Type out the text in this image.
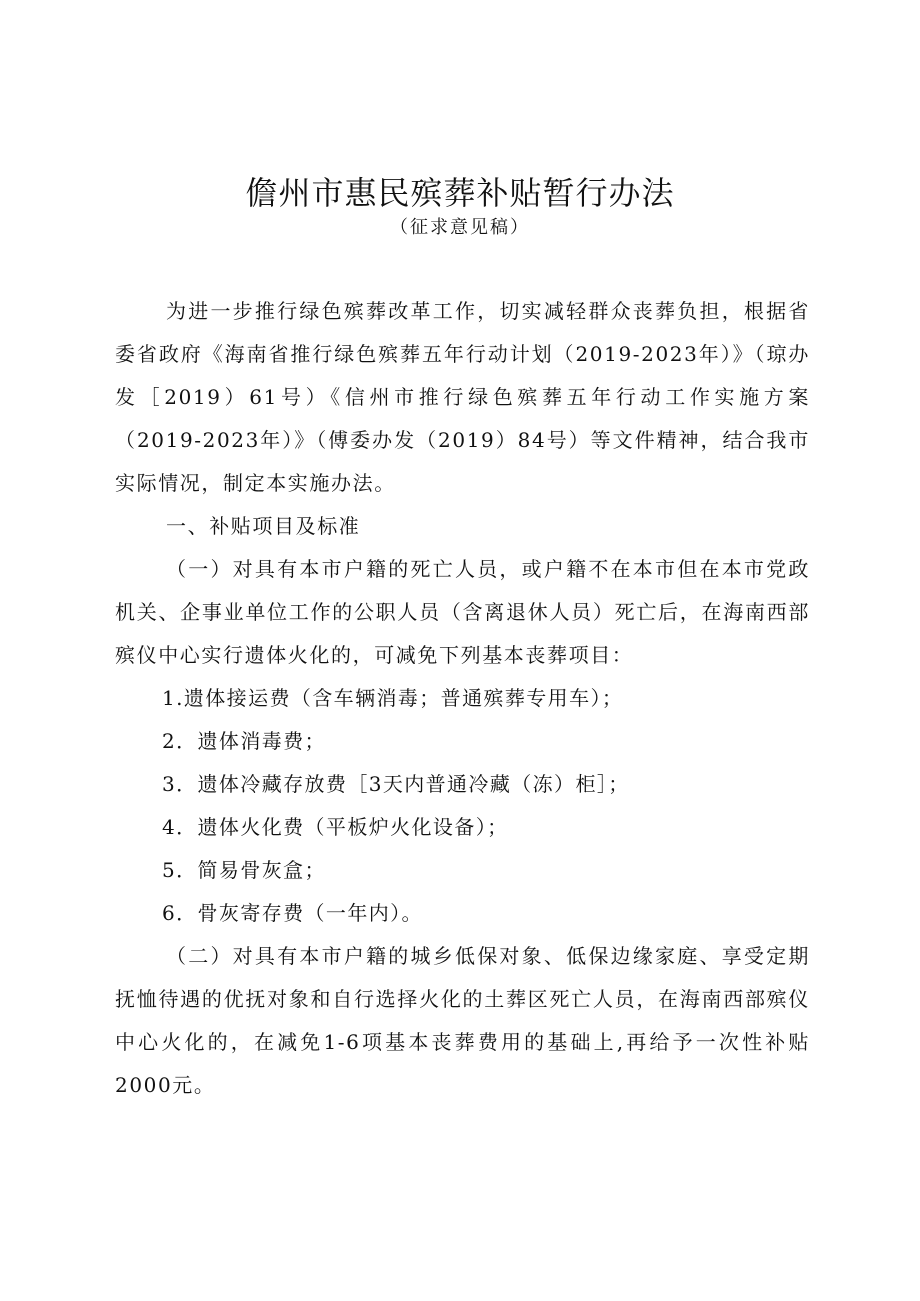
儋州市惠民殡葬补贴暂行办法
（征求意见稿）

为进一步推行绿色殡葬改革工作，切实减轻群众丧葬负担，根据省委省政府《海南省推行绿色殡葬五年行动计划（2019-2023年）》（琼办发［2019）61号）《信州市推行绿色殡葬五年行动工作实施方案（2019-2023年）》（傅委办发（2019）84号）等文件精神，结合我市实际情况，制定本实施办法。

一、补贴项目及标准

（一）对具有本市户籍的死亡人员，或户籍不在本市但在本市党政机关、企事业单位工作的公职人员（含离退休人员）死亡后，在海南西部殡仪中心实行遗体火化的，可减免下列基本丧葬项目：

1.遗体接运费（含车辆消毒；普通殡葬专用车）；

2．遗体消毒费；

3．遗体冷藏存放费［3天内普通冷藏（冻）柜］；

4．遗体火化费（平板炉火化设备）；

5．简易骨灰盒；

6．骨灰寄存费（一年内）。

（二）对具有本市户籍的城乡低保对象、低保边缘家庭、享受定期抚恤待遇的优抚对象和自行选择火化的土葬区死亡人员，在海南西部殡仪中心火化的，在减免1-6项基本丧葬费用的基础上,再给予一次性补贴2000元。
